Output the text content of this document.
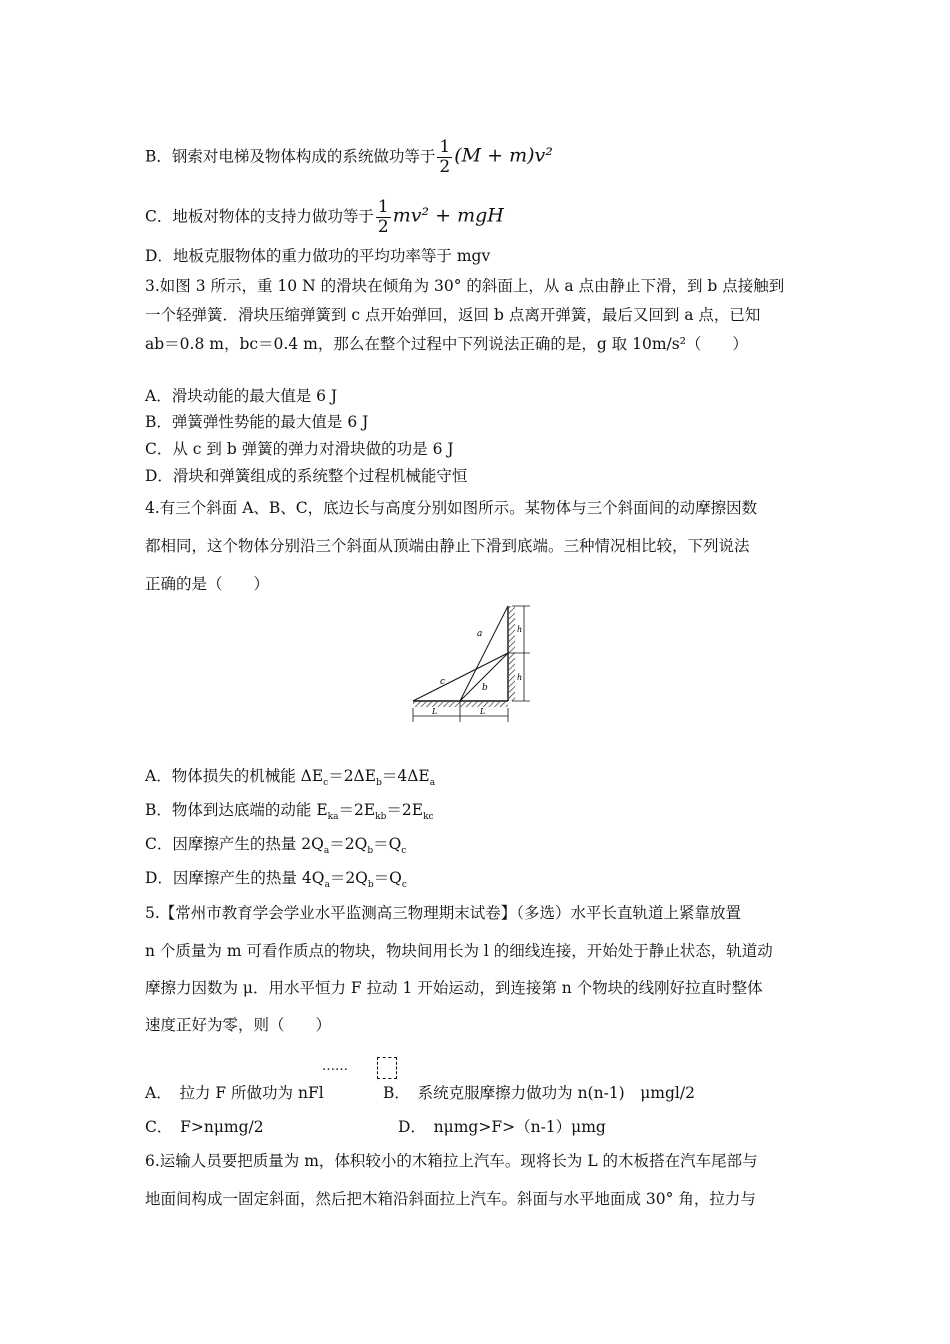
B．钢索对电梯及物体构成的系统做功等于 $\frac{1}{2} (M + m)v^2$
C．地板对物体的支持力做功等于 $\frac{1}{2} mv^2$ + mgH
D．地板克服物体的重力做功的平均功率等于 mgv
3.如图 3 所示，重 10 N 的滑块在倾角为 30° 的斜面上，从 a 点由静止下滑，到 b 点接触到
一个轻弹簧．滑块压缩弹簧到 c 点开始弹回，返回 b 点离开弹簧，最后又回到 a 点，已知
ab＝0.8 m，bc＝0.4 m，那么在整个过程中下列说法正确的是，g 取 10m/s²（　　）
A．滑块动能的最大值是 6 J
B．弹簧弹性势能的最大值是 6 J
C．从 c 到 b 弹簧的弹力对滑块做的功是 6 J
D．滑块和弹簧组成的系统整个过程机械能守恒
4.有三个斜面 A、B、C，底边长与高度分别如图所示。某物体与三个斜面间的动摩擦因数
都相同，这个物体分别沿三个斜面从顶端由静止下滑到底端。三种情况相比较，下列说法
正确的是（　　）
a
b
c
h
h
L	L
A．物体损失的机械能 $\Delta E_c=2\Delta E_b=4\Delta E_a$
B．物体到达底端的动能 $E_{ka}=2E_{kb}=2E_{kc}$
C．因摩擦产生的热量 $2Q_a=2Q_b=Q_c$
D．因摩擦产生的热量 $4Q_a=2Q_b=Q_c$
5.【常州市教育学会学业水平监测高三物理期末试卷】（多选）水平长直轨道上紧靠放置
n 个质量为 m 可看作质点的物块，物块间用长为 l 的细线连接，开始处于静止状态，轨道动
摩擦力因数为 μ．用水平恒力 F 拉动 1 开始运动，到连接第 n 个物块的线刚好拉直时整体
速度正好为零，则（　　）
……
A．　拉力 F 所做功为 nFl	B．　系统克服摩擦力做功为 n(n-1)　μmgl/2
C．　F>nμmg/2	D．　nμmg>F>（n-1）μmg
6.运输人员要把质量为 m，体积较小的木箱拉上汽车。现将长为 L 的木板搭在汽车尾部与
地面间构成一固定斜面，然后把木箱沿斜面拉上汽车。斜面与水平地面成 30° 角，拉力与
